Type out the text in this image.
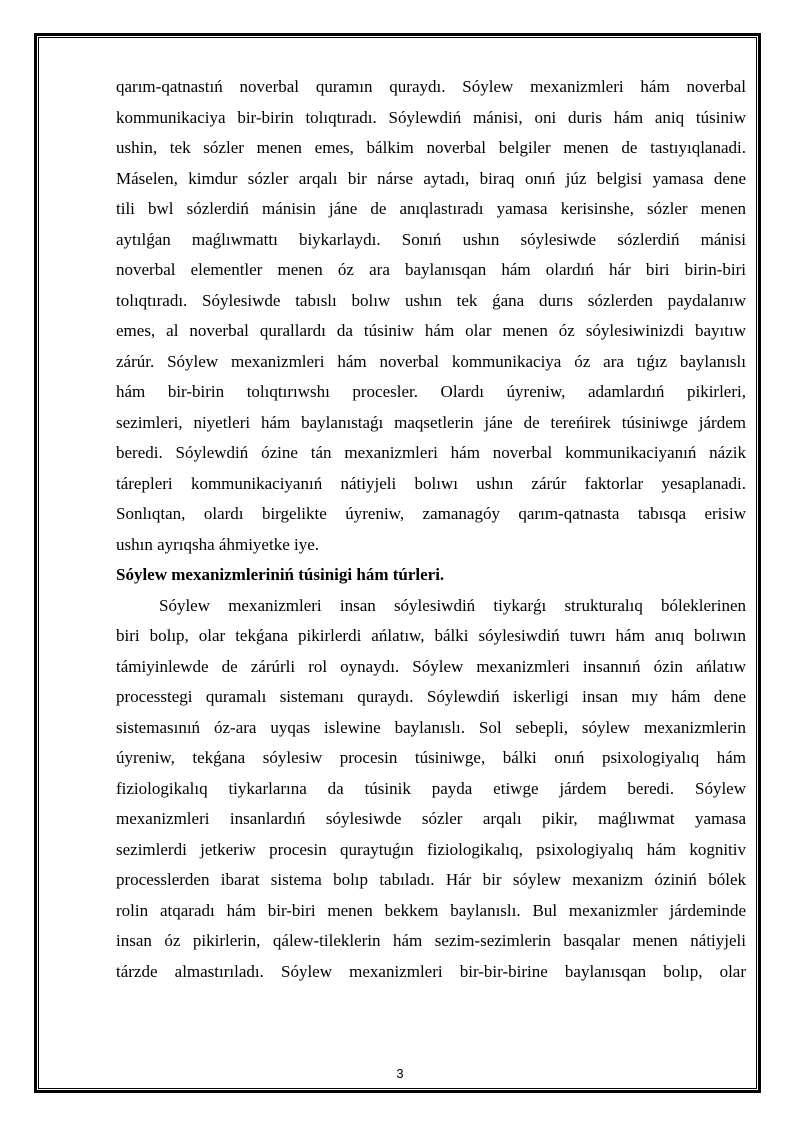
qarım-qatnastıń noverbal quramın quraydı. Sóylew mexanizmleri hám noverbal
kommunikaciya bir-birin tolıqtıradı. Sóylewdiń mánisi, oni duris hám aniq túsiniw
ushin, tek sózler menen emes, bálkim noverbal belgiler menen de tastıyıqlanadi.
Máselen, kimdur sózler arqalı bir nárse aytadı, biraq onıń júz belgisi yamasa dene
tili bwl sózlerdiń mánisin jáne de anıqlastıradı yamasa kerisinshe, sózler menen
aytılǵan maǵlıwmattı biykarlaydı. Sonıń ushın sóylesiwde sózlerdiń mánisi
noverbal elementler menen óz ara baylanısqan hám olardıń hár biri birin-biri
tolıqtıradı. Sóylesiwde tabıslı bolıw ushın tek ǵana durıs sózlerden paydalanıw
emes, al noverbal qurallardı da túsiniw hám olar menen óz sóylesiwinizdi bayıtıw
zárúr. Sóylew mexanizmleri hám noverbal kommunikaciya óz ara tıǵız baylanıslı
hám bir-birin tolıqtırıwshı procesler. Olardı úyreniw, adamlardıń pikirleri,
sezimleri, niyetleri hám baylanıstaǵı maqsetlerin jáne de tereńirek túsiniwge járdem
beredi. Sóylewdiń ózine tán mexanizmleri hám noverbal kommunikaciyanıń názik
tárepleri kommunikaciyanıń nátiyjeli bolıwı ushın zárúr faktorlar yesaplanadi.
Sonlıqtan, olardı birgelikte úyreniw, zamanagóy qarım-qatnasta tabısqa erisiw
ushın ayrıqsha áhmiyetke iye.
Sóylew mexanizmleriniń túsinigi hám túrleri.
Sóylew mexanizmleri insan sóylesiwdiń tiykarǵı strukturalıq bóleklerinen
biri bolıp, olar tekǵana pikirlerdi ańlatıw, bálki sóylesiwdiń tuwrı hám anıq bolıwın
támiyinlewde de zárúrli rol oynaydı. Sóylew mexanizmleri insannıń ózin ańlatıw
processtegi quramalı sistemanı quraydı. Sóylewdiń iskerligi insan mıy hám dene
sistemasınıń óz-ara uyqas islewine baylanıslı. Sol sebepli, sóylew mexanizmlerin
úyreniw, tekǵana sóylesiw procesin túsiniwge, bálki onıń psixologiyalıq hám
fiziologikalıq tiykarlarına da túsinik payda etiwge járdem beredi. Sóylew
mexanizmleri insanlardıń sóylesiwde sózler arqalı pikir, maǵlıwmat yamasa
sezimlerdi jetkeriw procesin quraytuǵın fiziologikalıq, psixologiyalıq hám kognitiv
processlerden ibarat sistema bolıp tabıladı. Hár bir sóylew mexanizm óziniń bólek
rolin atqaradı hám bir-biri menen bekkem baylanıslı. Bul mexanizmler járdeminde
insan óz pikirlerin, qálew-tileklerin hám sezim-sezimlerin basqalar menen nátiyjeli
tárzde almastırıladı. Sóylew mexanizmleri bir-bir-birine baylanısqan bolıp, olar
3
